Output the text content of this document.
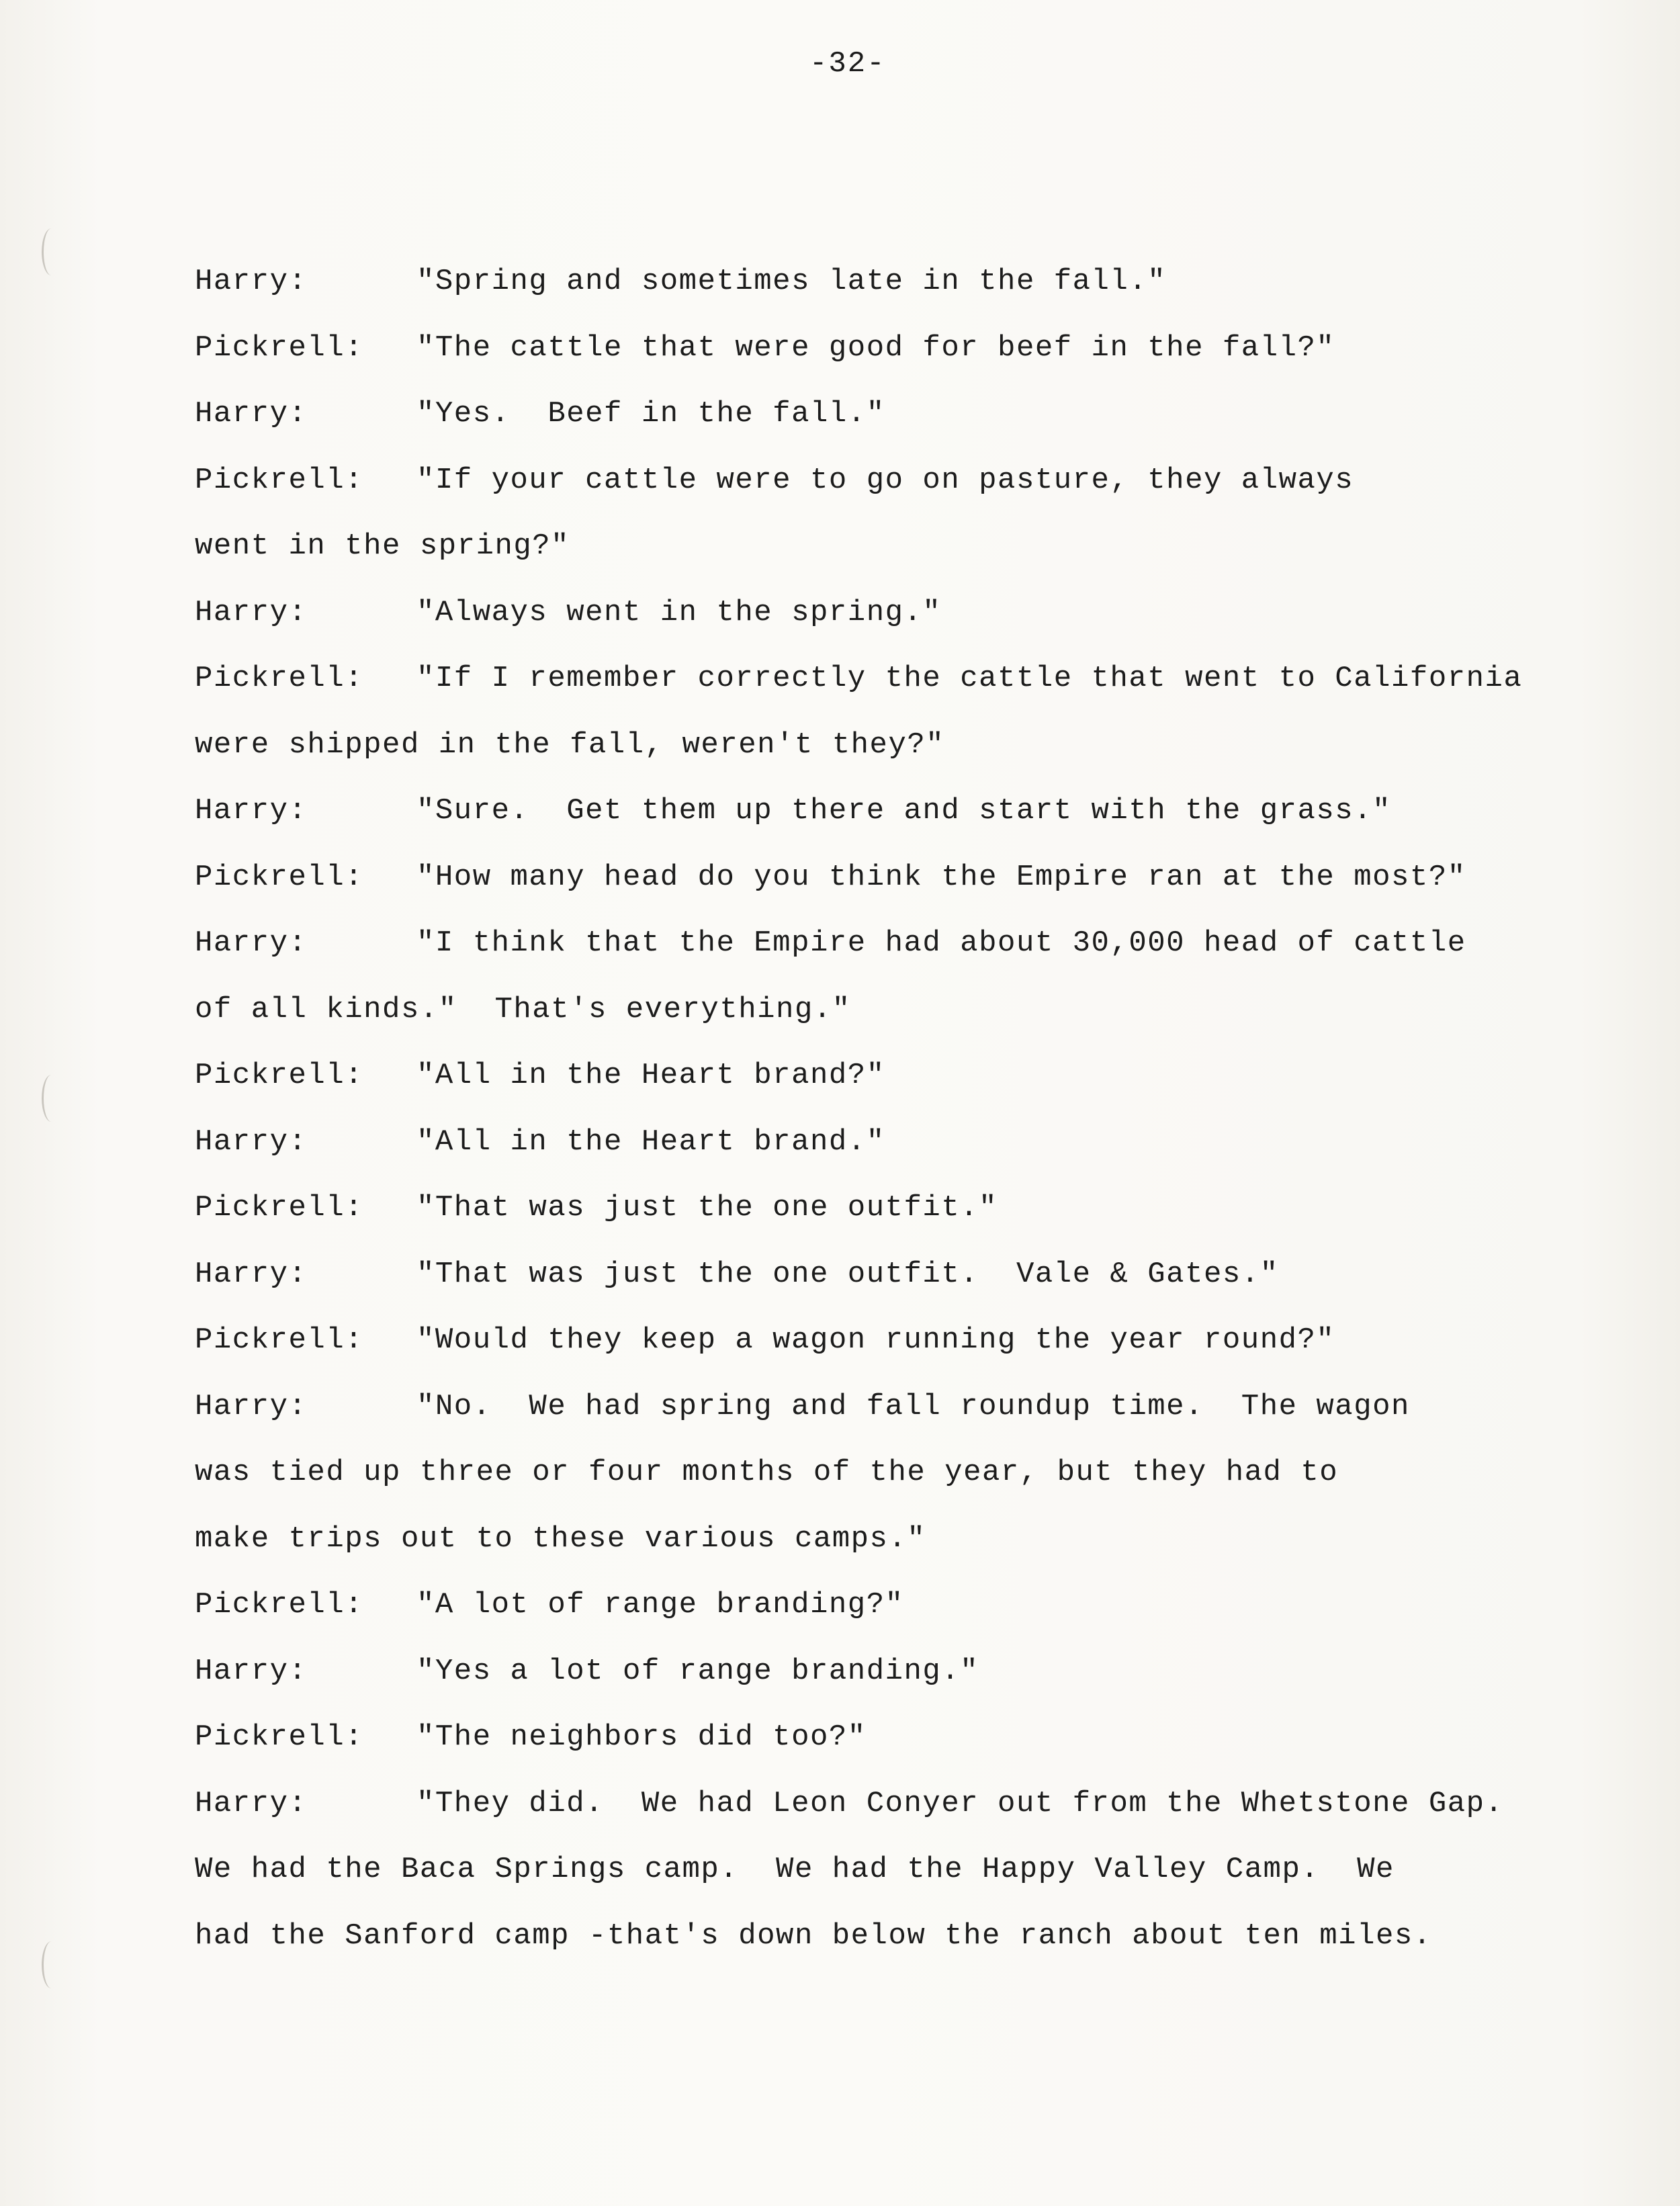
-32-
Harry:	"Spring and sometimes late in the fall."
Pickrell: "The cattle that were good for beef in the fall?"
Harry:	"Yes.  Beef in the fall."
Pickrell: "If your cattle were to go on pasture, they always
went in the spring?"
Harry:	"Always went in the spring."
Pickrell: "If I remember correctly the cattle that went to California
were shipped in the fall, weren't they?"
Harry:	"Sure.  Get them up there and start with the grass."
Pickrell: "How many head do you think the Empire ran at the most?"
Harry:	"I think that the Empire had about 30,000 head of cattle
of all kinds."  That's everything."
Pickrell: "All in the Heart brand?"
Harry:	"All in the Heart brand."
Pickrell: "That was just the one outfit."
Harry:	"That was just the one outfit.  Vale & Gates."
Pickrell: "Would they keep a wagon running the year round?"
Harry:	"No.  We had spring and fall roundup time.  The wagon
was tied up three or four months of the year, but they had to
make trips out to these various camps."
Pickrell: "A lot of range branding?"
Harry:	"Yes a lot of range branding."
Pickrell: "The neighbors did too?"
Harry:	"They did.  We had Leon Conyer out from the Whetstone Gap.
We had the Baca Springs camp.  We had the Happy Valley Camp.  We
had the Sanford camp -that's down below the ranch about ten miles.
